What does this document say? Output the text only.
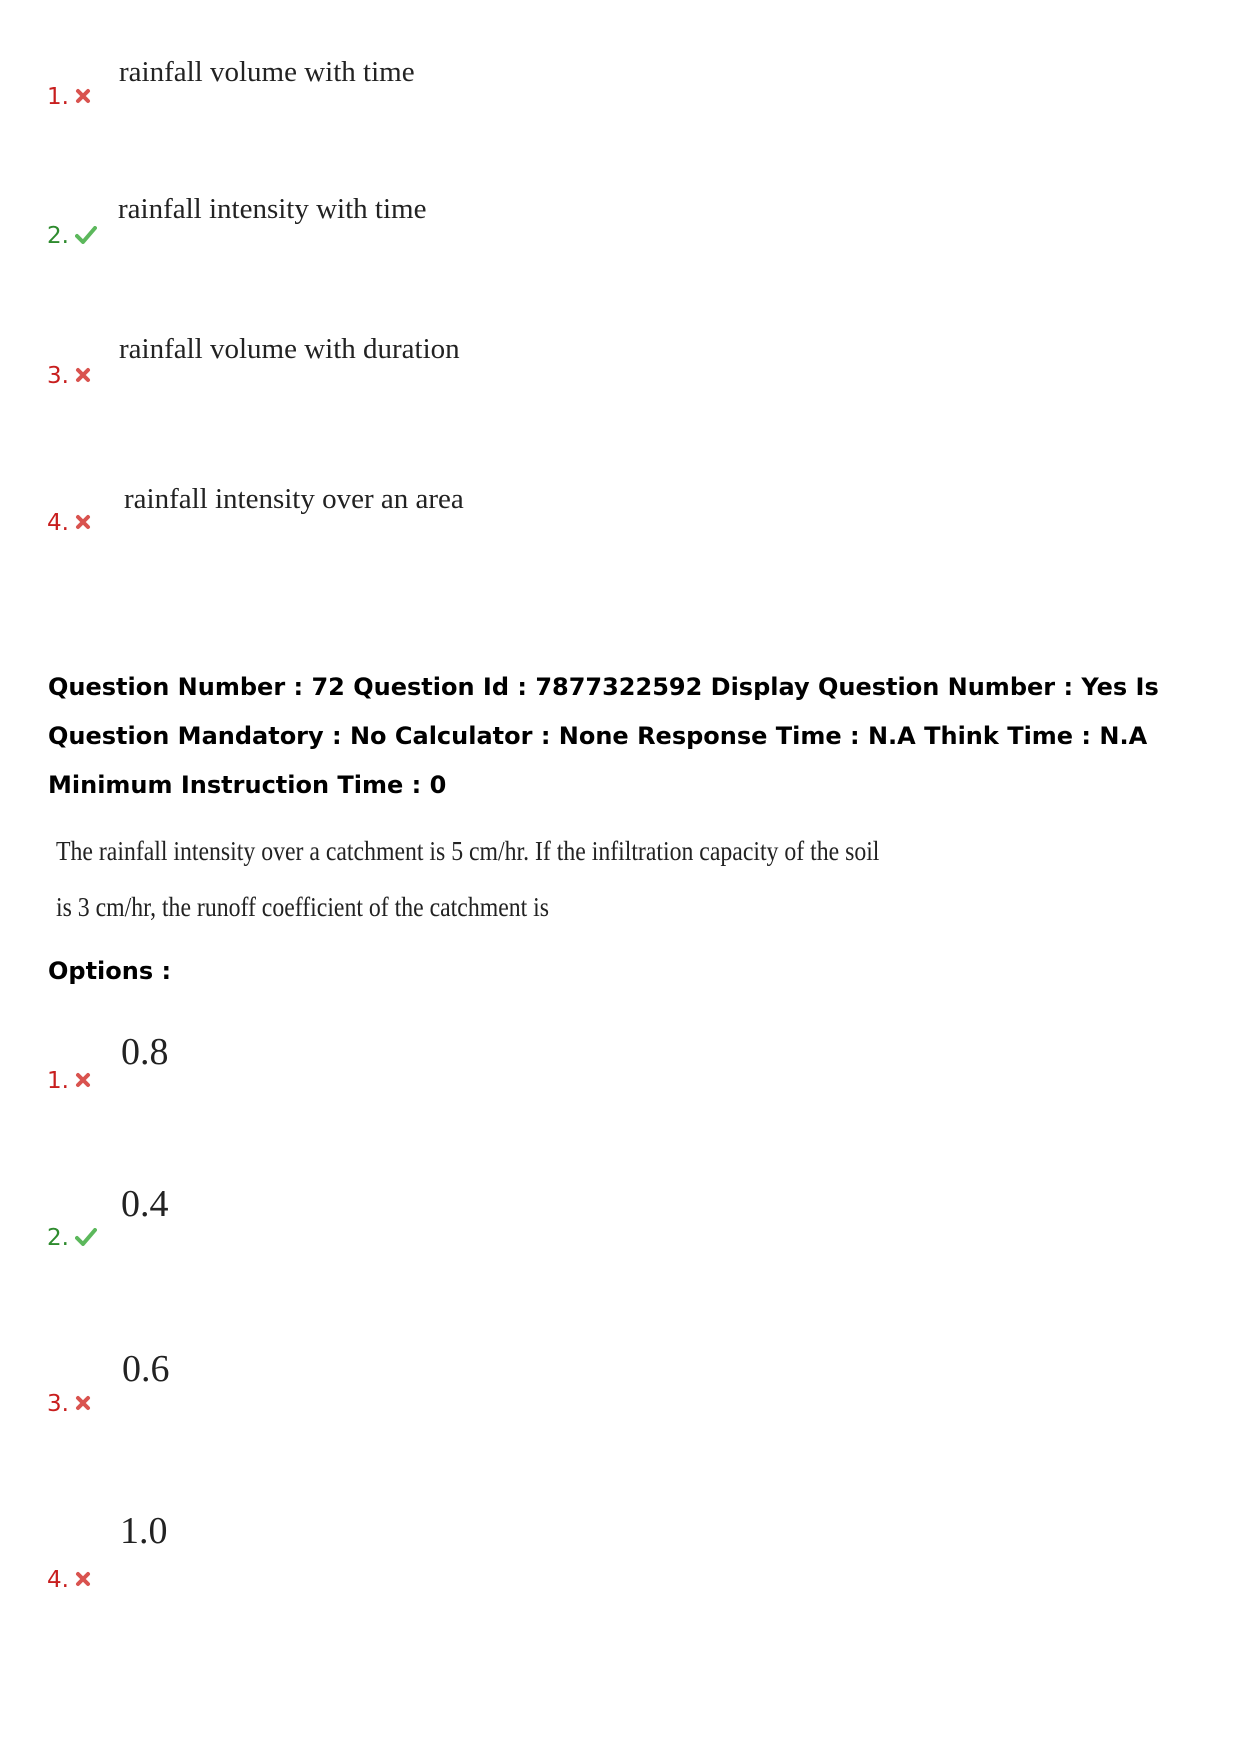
1.
rainfall volume with time
2.
rainfall intensity with time
3.
rainfall volume with duration
4.
rainfall intensity over an area
Question Number : 72 Question Id : 7877322592 Display Question Number : Yes Is Question Mandatory : No Calculator : None Response Time : N.A Think Time : N.A Minimum Instruction Time : 0
The rainfall intensity over a catchment is 5 cm/hr. If the infiltration capacity of the soil
is 3 cm/hr, the runoff coefficient of the catchment is
Options :
1.
0.8
2.
0.4
3.
0.6
4.
1.0
